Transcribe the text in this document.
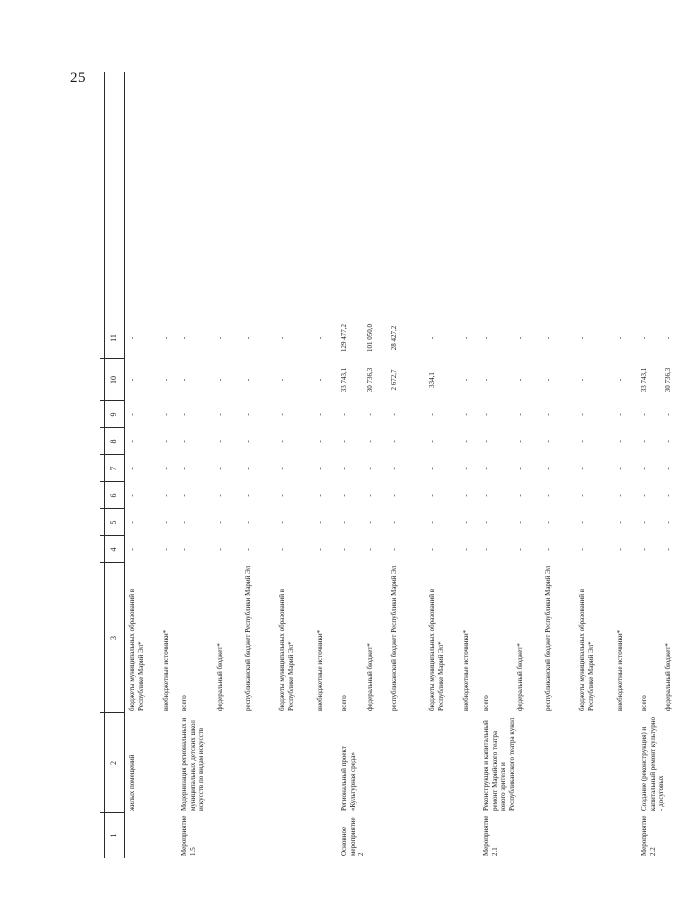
25
1
2
3
4
5
6
7
8
9
10
11
жилых помещений
бюджеты муниципальных образований в Республике Марий Эл*
-
-
-
-
-
-
-
-
внебюджетные источники*
-
-
-
-
-
-
-
-
Мероприятие 1.5
Модернизация региональных и муниципальных детских школ искусств по видам искусств
всего
-
-
-
-
-
-
-
-
федеральный бюджет*
-
-
-
-
-
-
-
-
республиканский бюджет Республики Марий Эл
-
-
-
-
-
-
-
-
бюджеты муниципальных образований в Республике Марий Эл*
-
-
-
-
-
-
-
-
внебюджетные источники*
-
-
-
-
-
-
-
-
Основное мероприятие 2
Региональный проект «Культурная среда»
всего
-
-
-
-
-
-
33 743,1
129 477,2
федеральный бюджет*
-
-
-
-
-
-
30 736,3
101 050,0
республиканский бюджет Республики Марий Эл
-
-
-
-
-
-
2 672,7
28 427,2
бюджеты муниципальных образований в Республике Марий Эл*
-
-
-
-
-
-
334,1
-
внебюджетные источники*
-
-
-
-
-
-
-
-
Мероприятие 2.1
Реконструкция и капитальный ремонт Марийского театра юного зрителя и Республиканского театра кукол
всего
-
-
-
-
-
-
-
-
федеральный бюджет*
-
-
-
-
-
-
-
-
республиканский бюджет Республики Марий Эл
-
-
-
-
-
-
-
-
бюджеты муниципальных образований в Республике Марий Эл*
-
-
-
-
-
-
-
-
внебюджетные источники*
-
-
-
-
-
-
-
-
Мероприятие 2.2
Создание (реконструкция) и капитальный ремонт культурно - досуговых
всего
-
-
-
-
-
-
33 743,1
-
федеральный бюджет*
-
-
-
-
-
-
30 736,3
-
